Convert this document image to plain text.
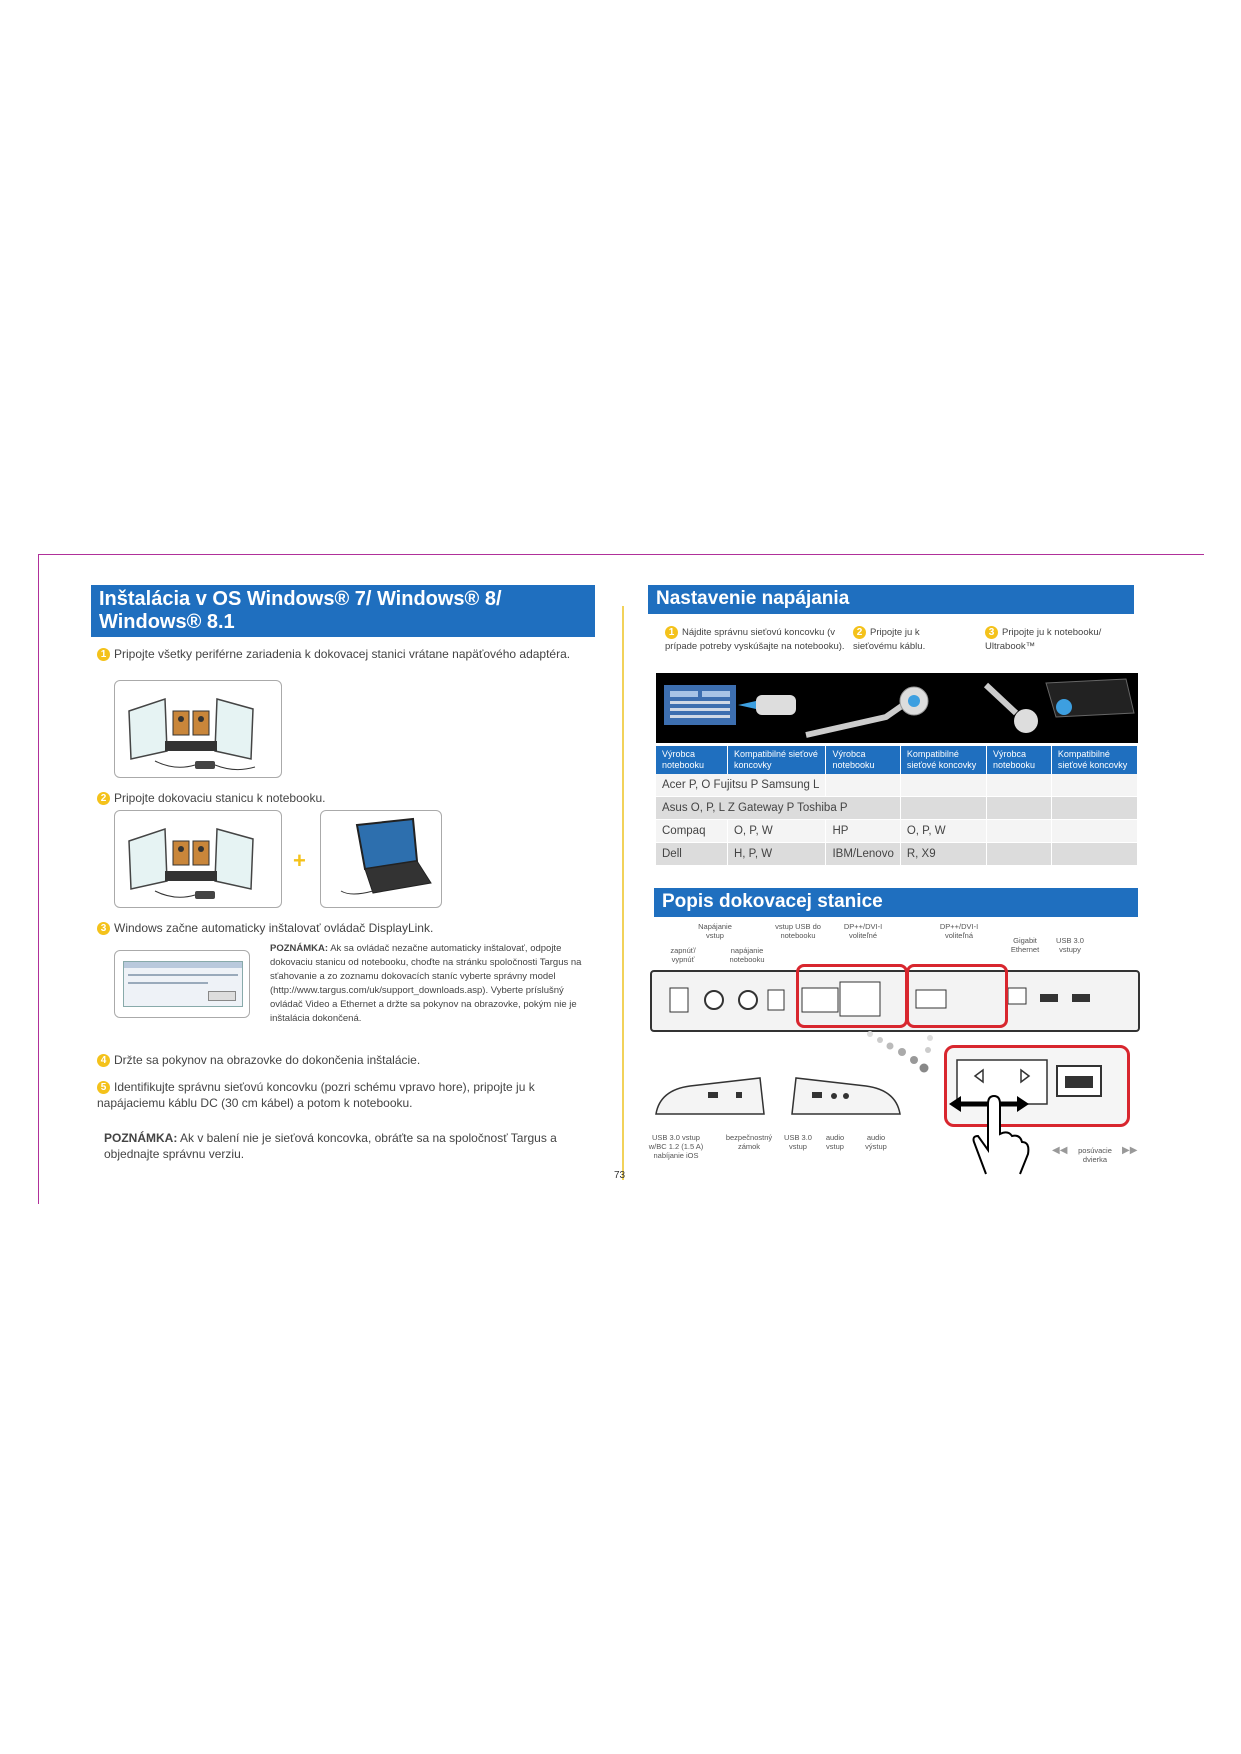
Inštalácia v OS Windows® 7/ Windows® 8/ Windows® 8.1
1 Pripojte všetky periférne zariadenia k dokovacej stanici vrátane napäťového adaptéra.
2 Pripojte dokovaciu stanicu k notebooku.
+
3 Windows začne automaticky inštalovať ovládač DisplayLink.
POZNÁMKA: Ak sa ovládač nezačne automaticky inštalovať, odpojte dokovaciu stanicu od notebooku, choďte na stránku spoločnosti Targus na sťahovanie a zo zoznamu dokovacích staníc vyberte správny model (http://www.targus.com/uk/support_downloads.asp). Vyberte príslušný ovládač Video a Ethernet a držte sa pokynov na obrazovke, pokým nie je inštalácia dokončená.
4 Držte sa pokynov na obrazovke do dokončenia inštalácie.
5 Identifikujte správnu sieťovú koncovku (pozri schému vpravo hore), pripojte ju k napájaciemu káblu DC (30 cm kábel) a potom k notebooku.
POZNÁMKA: Ak v balení nie je sieťová koncovka, obráťte sa na spoločnosť Targus a objednajte správnu verziu.
Nastavenie napájania
1 Nájdite správnu sieťovú koncovku (v prípade potreby vyskúšajte na notebooku).
2 Pripojte ju k sieťovému káblu.
3 Pripojte ju k notebooku/ Ultrabook™
Výrobca notebooku	Kompatibilné sieťové koncovky	Výrobca notebooku	Kompatibilné sieťové koncovky	Výrobca notebooku	Kompatibilné sieťové koncovky
Acer P, O Fujitsu P Samsung L					
Asus O, P, L Z Gateway P Toshiba P					
Compaq	O, P, W	HP	O, P, W		
Dell	H, P, W	IBM/Lenovo	R, X9		
Popis dokovacej stanice
Napájanie vstup
vstup USB do notebooku
DP++/DVI-I voliteľné
DP++/DVI-I voliteľná
zapnúť/ vypnúť
napájanie notebooku
Gigabit Ethernet
USB 3.0 vstupy
USB 3.0 vstup w/BC 1.2 (1.5 A) nabíjanie iOS
bezpečnostný zámok
USB 3.0 vstup
audio vstup
audio výstup	posúvacie dvierka
◀◀	▶▶
73
